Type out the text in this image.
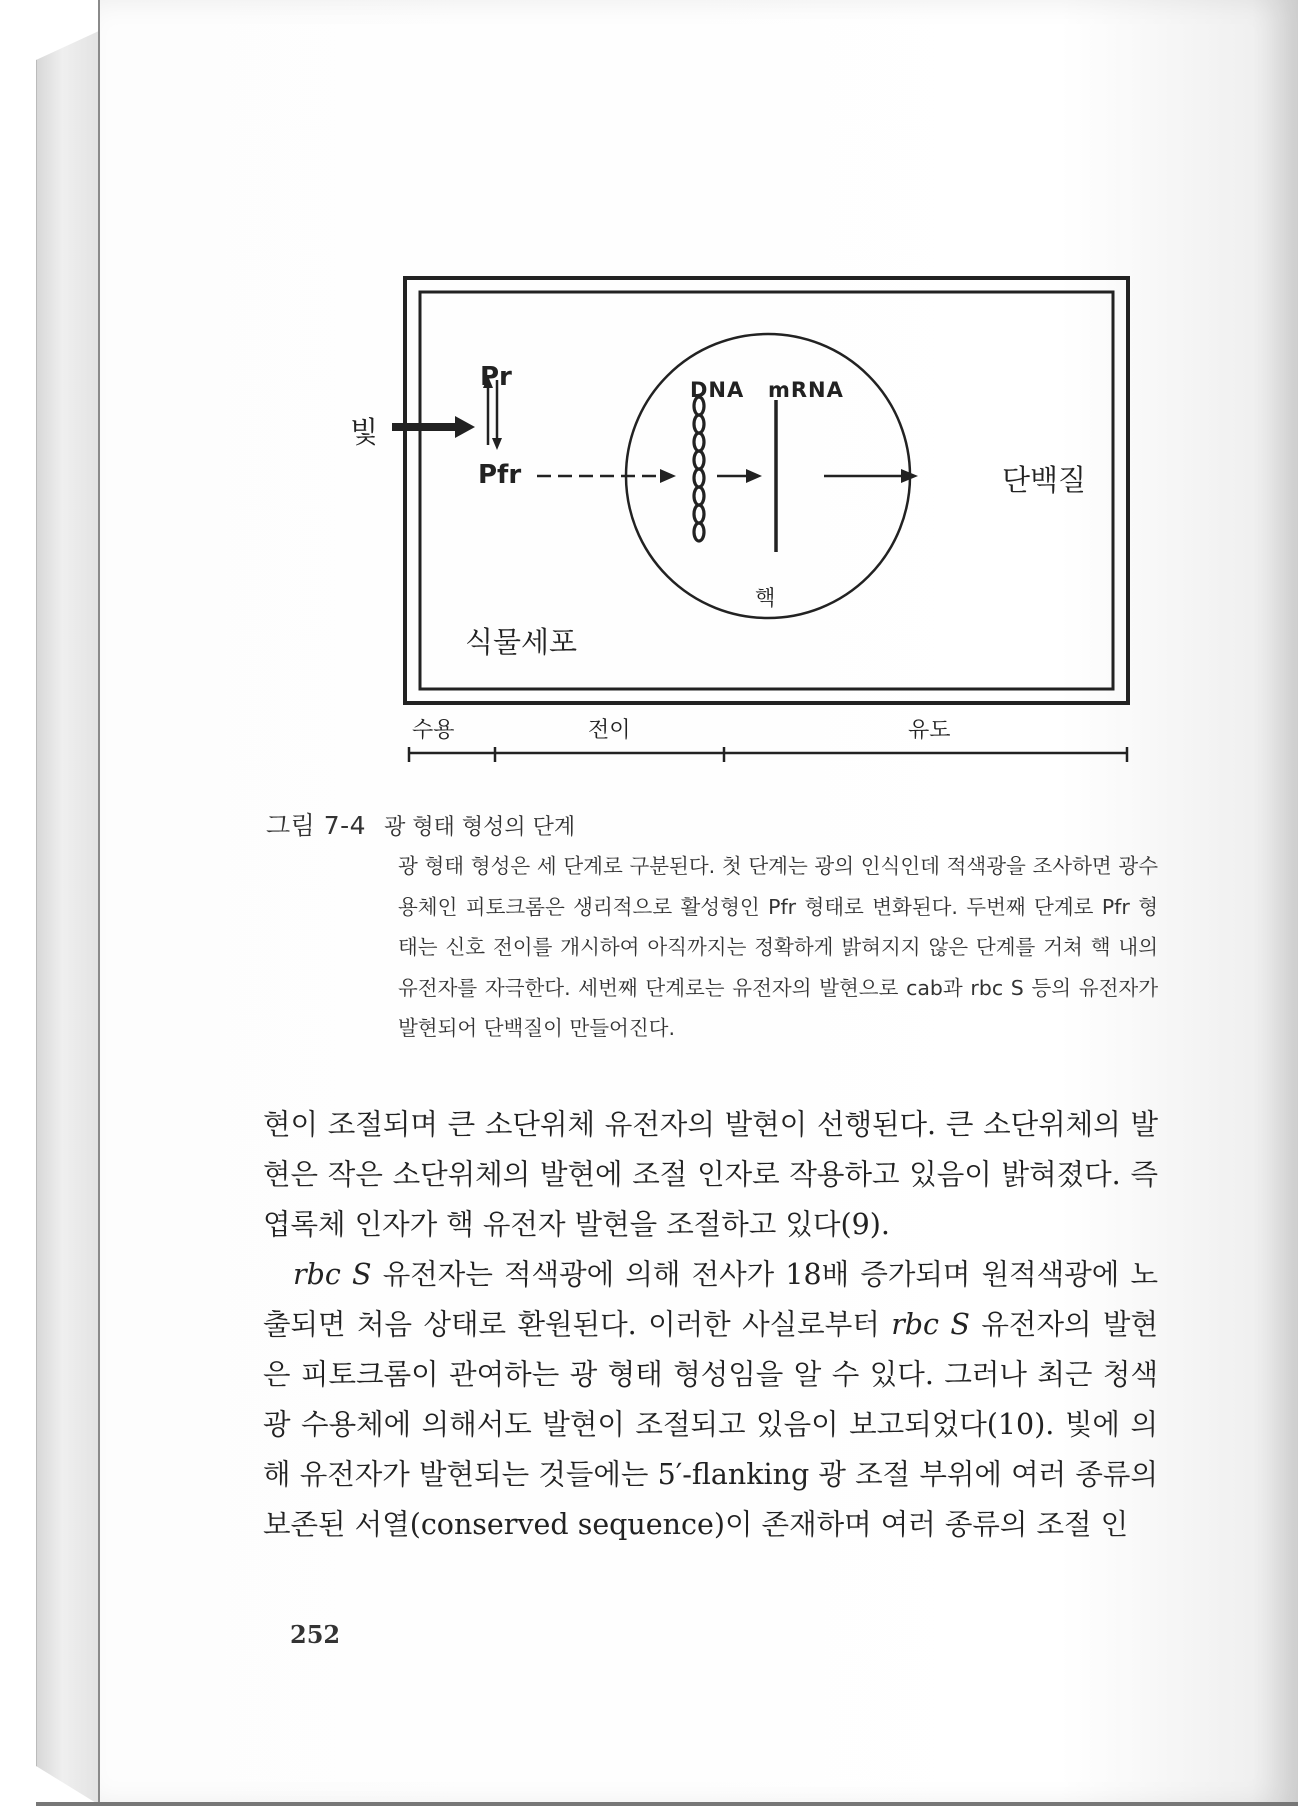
빛
Pr
Pfr
DNA mRNA
단백질
핵
식물세포
수용	전이	유도
그림 7-4 광 형태 형성의 단계
광 형태 형성은 세 단계로 구분된다. 첫 단계는 광의 인식인데 적색광을 조사하면 광수용체인 피토크롬은 생리적으로 활성형인 Pfr 형태로 변화된다. 두번째 단계로 Pfr 형태는 신호 전이를 개시하여 아직까지는 정확하게 밝혀지지 않은 단계를 거쳐 핵 내의 유전자를 자극한다. 세번째 단계로는 유전자의 발현으로 cab과 rbc S 등의 유전자가 발현되어 단백질이 만들어진다.

현이 조절되며 큰 소단위체 유전자의 발현이 선행된다. 큰 소단위체의 발현은 작은 소단위체의 발현에 조절 인자로 작용하고 있음이 밝혀졌다. 즉 엽록체 인자가 핵 유전자 발현을 조절하고 있다(9).

rbc S 유전자는 적색광에 의해 전사가 18배 증가되며 원적색광에 노출되면 처음 상태로 환원된다. 이러한 사실로부터 rbc S 유전자의 발현은 피토크롬이 관여하는 광 형태 형성임을 알 수 있다. 그러나 최근 청색광 수용체에 의해서도 발현이 조절되고 있음이 보고되었다(10). 빛에 의해 유전자가 발현되는 것들에는 5′-flanking 광 조절 부위에 여러 종류의 보존된 서열(conserved sequence)이 존재하며 여러 종류의 조절 인

252
